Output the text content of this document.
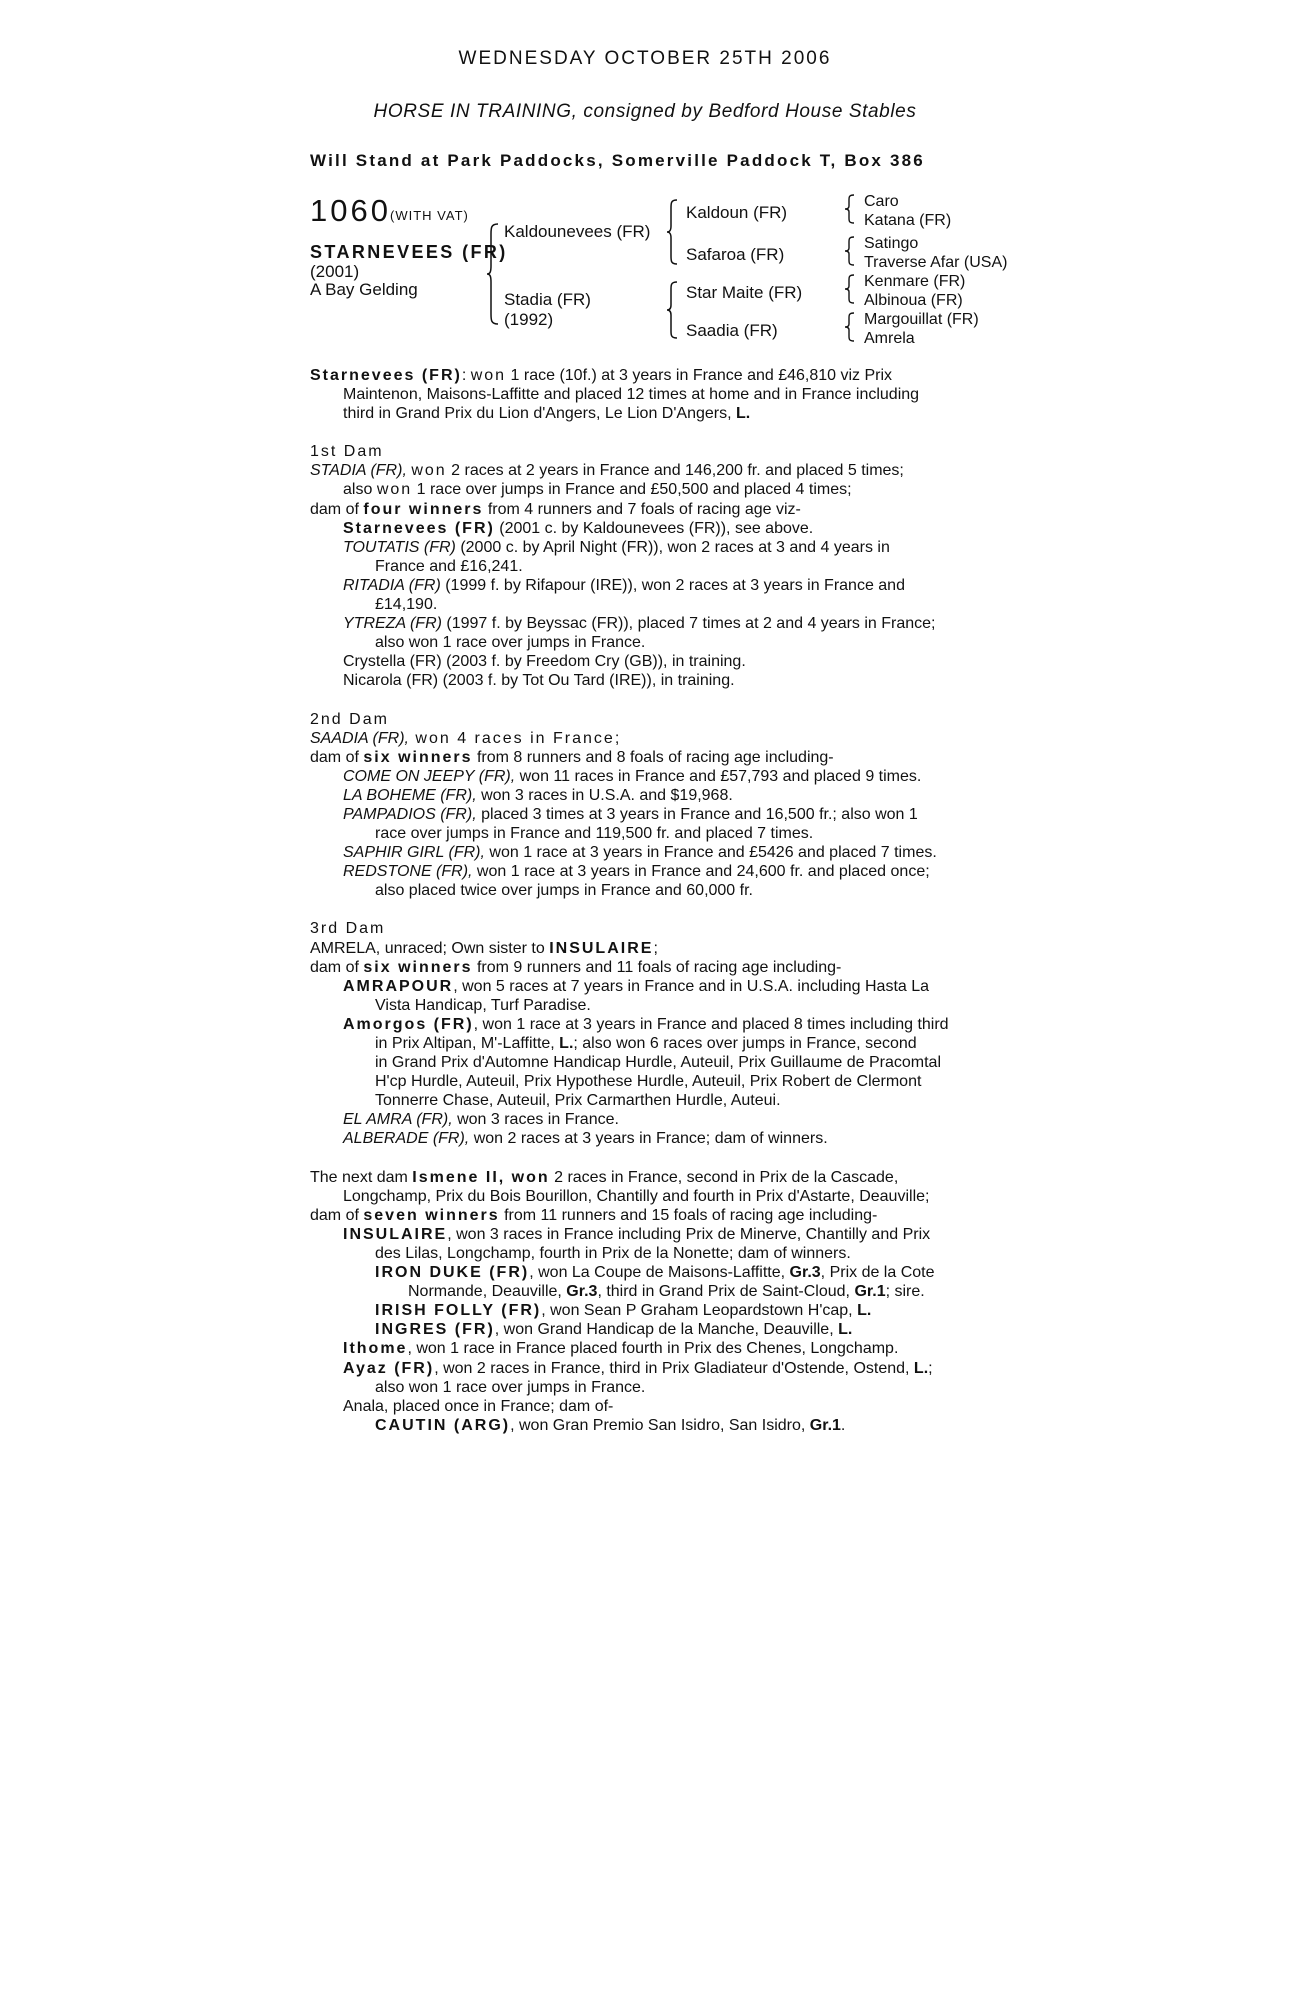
WEDNESDAY OCTOBER 25TH 2006
HORSE IN TRAINING, consigned by Bedford House Stables
Will Stand at Park Paddocks, Somerville Paddock T, Box 386
1060 (WITH VAT)
STARNEVEES (FR)
(2001)
A Bay Gelding
Kaldounevees (FR)
Stadia (FR)
(1992)
Kaldoun (FR)
Safaroa (FR)
Star Maite (FR)
Saadia (FR)
Caro
Katana (FR)
Satingo
Traverse Afar (USA)
Kenmare (FR)
Albinoua (FR)
Margouillat (FR)
Amrela

Starnevees (FR): won 1 race (10f.) at 3 years in France and £46,810 viz Prix
Maintenon, Maisons-Laffitte and placed 12 times at home and in France including
third in Grand Prix du Lion d'Angers, Le Lion D'Angers, L.

1st Dam

STADIA (FR), won 2 races at 2 years in France and 146,200 fr. and placed 5 times;
also won 1 race over jumps in France and £50,500 and placed 4 times;

dam of four winners from 4 runners and 7 foals of racing age viz-

Starnevees (FR) (2001 c. by Kaldounevees (FR)), see above.

TOUTATIS (FR) (2000 c. by April Night (FR)), won 2 races at 3 and 4 years in
France and £16,241.

RITADIA (FR) (1999 f. by Rifapour (IRE)), won 2 races at 3 years in France and
£14,190.

YTREZA (FR) (1997 f. by Beyssac (FR)), placed 7 times at 2 and 4 years in France;
also won 1 race over jumps in France.

Crystella (FR) (2003 f. by Freedom Cry (GB)), in training.

Nicarola (FR) (2003 f. by Tot Ou Tard (IRE)), in training.

2nd Dam

SAADIA (FR), won 4 races in France;

dam of six winners from 8 runners and 8 foals of racing age including-

COME ON JEEPY (FR), won 11 races in France and £57,793 and placed 9 times.

LA BOHEME (FR), won 3 races in U.S.A. and $19,968.

PAMPADIOS (FR), placed 3 times at 3 years in France and 16,500 fr.; also won 1
race over jumps in France and 119,500 fr. and placed 7 times.

SAPHIR GIRL (FR), won 1 race at 3 years in France and £5426 and placed 7 times.

REDSTONE (FR), won 1 race at 3 years in France and 24,600 fr. and placed once;
also placed twice over jumps in France and 60,000 fr.

3rd Dam

AMRELA, unraced; Own sister to INSULAIRE;

dam of six winners from 9 runners and 11 foals of racing age including-

AMRAPOUR, won 5 races at 7 years in France and in U.S.A. including Hasta La
Vista Handicap, Turf Paradise.

Amorgos (FR), won 1 race at 3 years in France and placed 8 times including third
in Prix Altipan, M'-Laffitte, L.; also won 6 races over jumps in France, second
in Grand Prix d'Automne Handicap Hurdle, Auteuil, Prix Guillaume de Pracomtal
H'cp Hurdle, Auteuil, Prix Hypothese Hurdle, Auteuil, Prix Robert de Clermont
Tonnerre Chase, Auteuil, Prix Carmarthen Hurdle, Auteui.

EL AMRA (FR), won 3 races in France.

ALBERADE (FR), won 2 races at 3 years in France; dam of winners.

The next dam Ismene II, won 2 races in France, second in Prix de la Cascade,
Longchamp, Prix du Bois Bourillon, Chantilly and fourth in Prix d'Astarte, Deauville;

dam of seven winners from 11 runners and 15 foals of racing age including-

INSULAIRE, won 3 races in France including Prix de Minerve, Chantilly and Prix
des Lilas, Longchamp, fourth in Prix de la Nonette; dam of winners.

IRON DUKE (FR), won La Coupe de Maisons-Laffitte, Gr.3, Prix de la Cote
Normande, Deauville, Gr.3, third in Grand Prix de Saint-Cloud, Gr.1; sire.

IRISH FOLLY (FR), won Sean P Graham Leopardstown H'cap, L.

INGRES (FR), won Grand Handicap de la Manche, Deauville, L.

Ithome, won 1 race in France placed fourth in Prix des Chenes, Longchamp.

Ayaz (FR), won 2 races in France, third in Prix Gladiateur d'Ostende, Ostend, L.;
also won 1 race over jumps in France.

Anala, placed once in France; dam of-

CAUTIN (ARG), won Gran Premio San Isidro, San Isidro, Gr.1.
